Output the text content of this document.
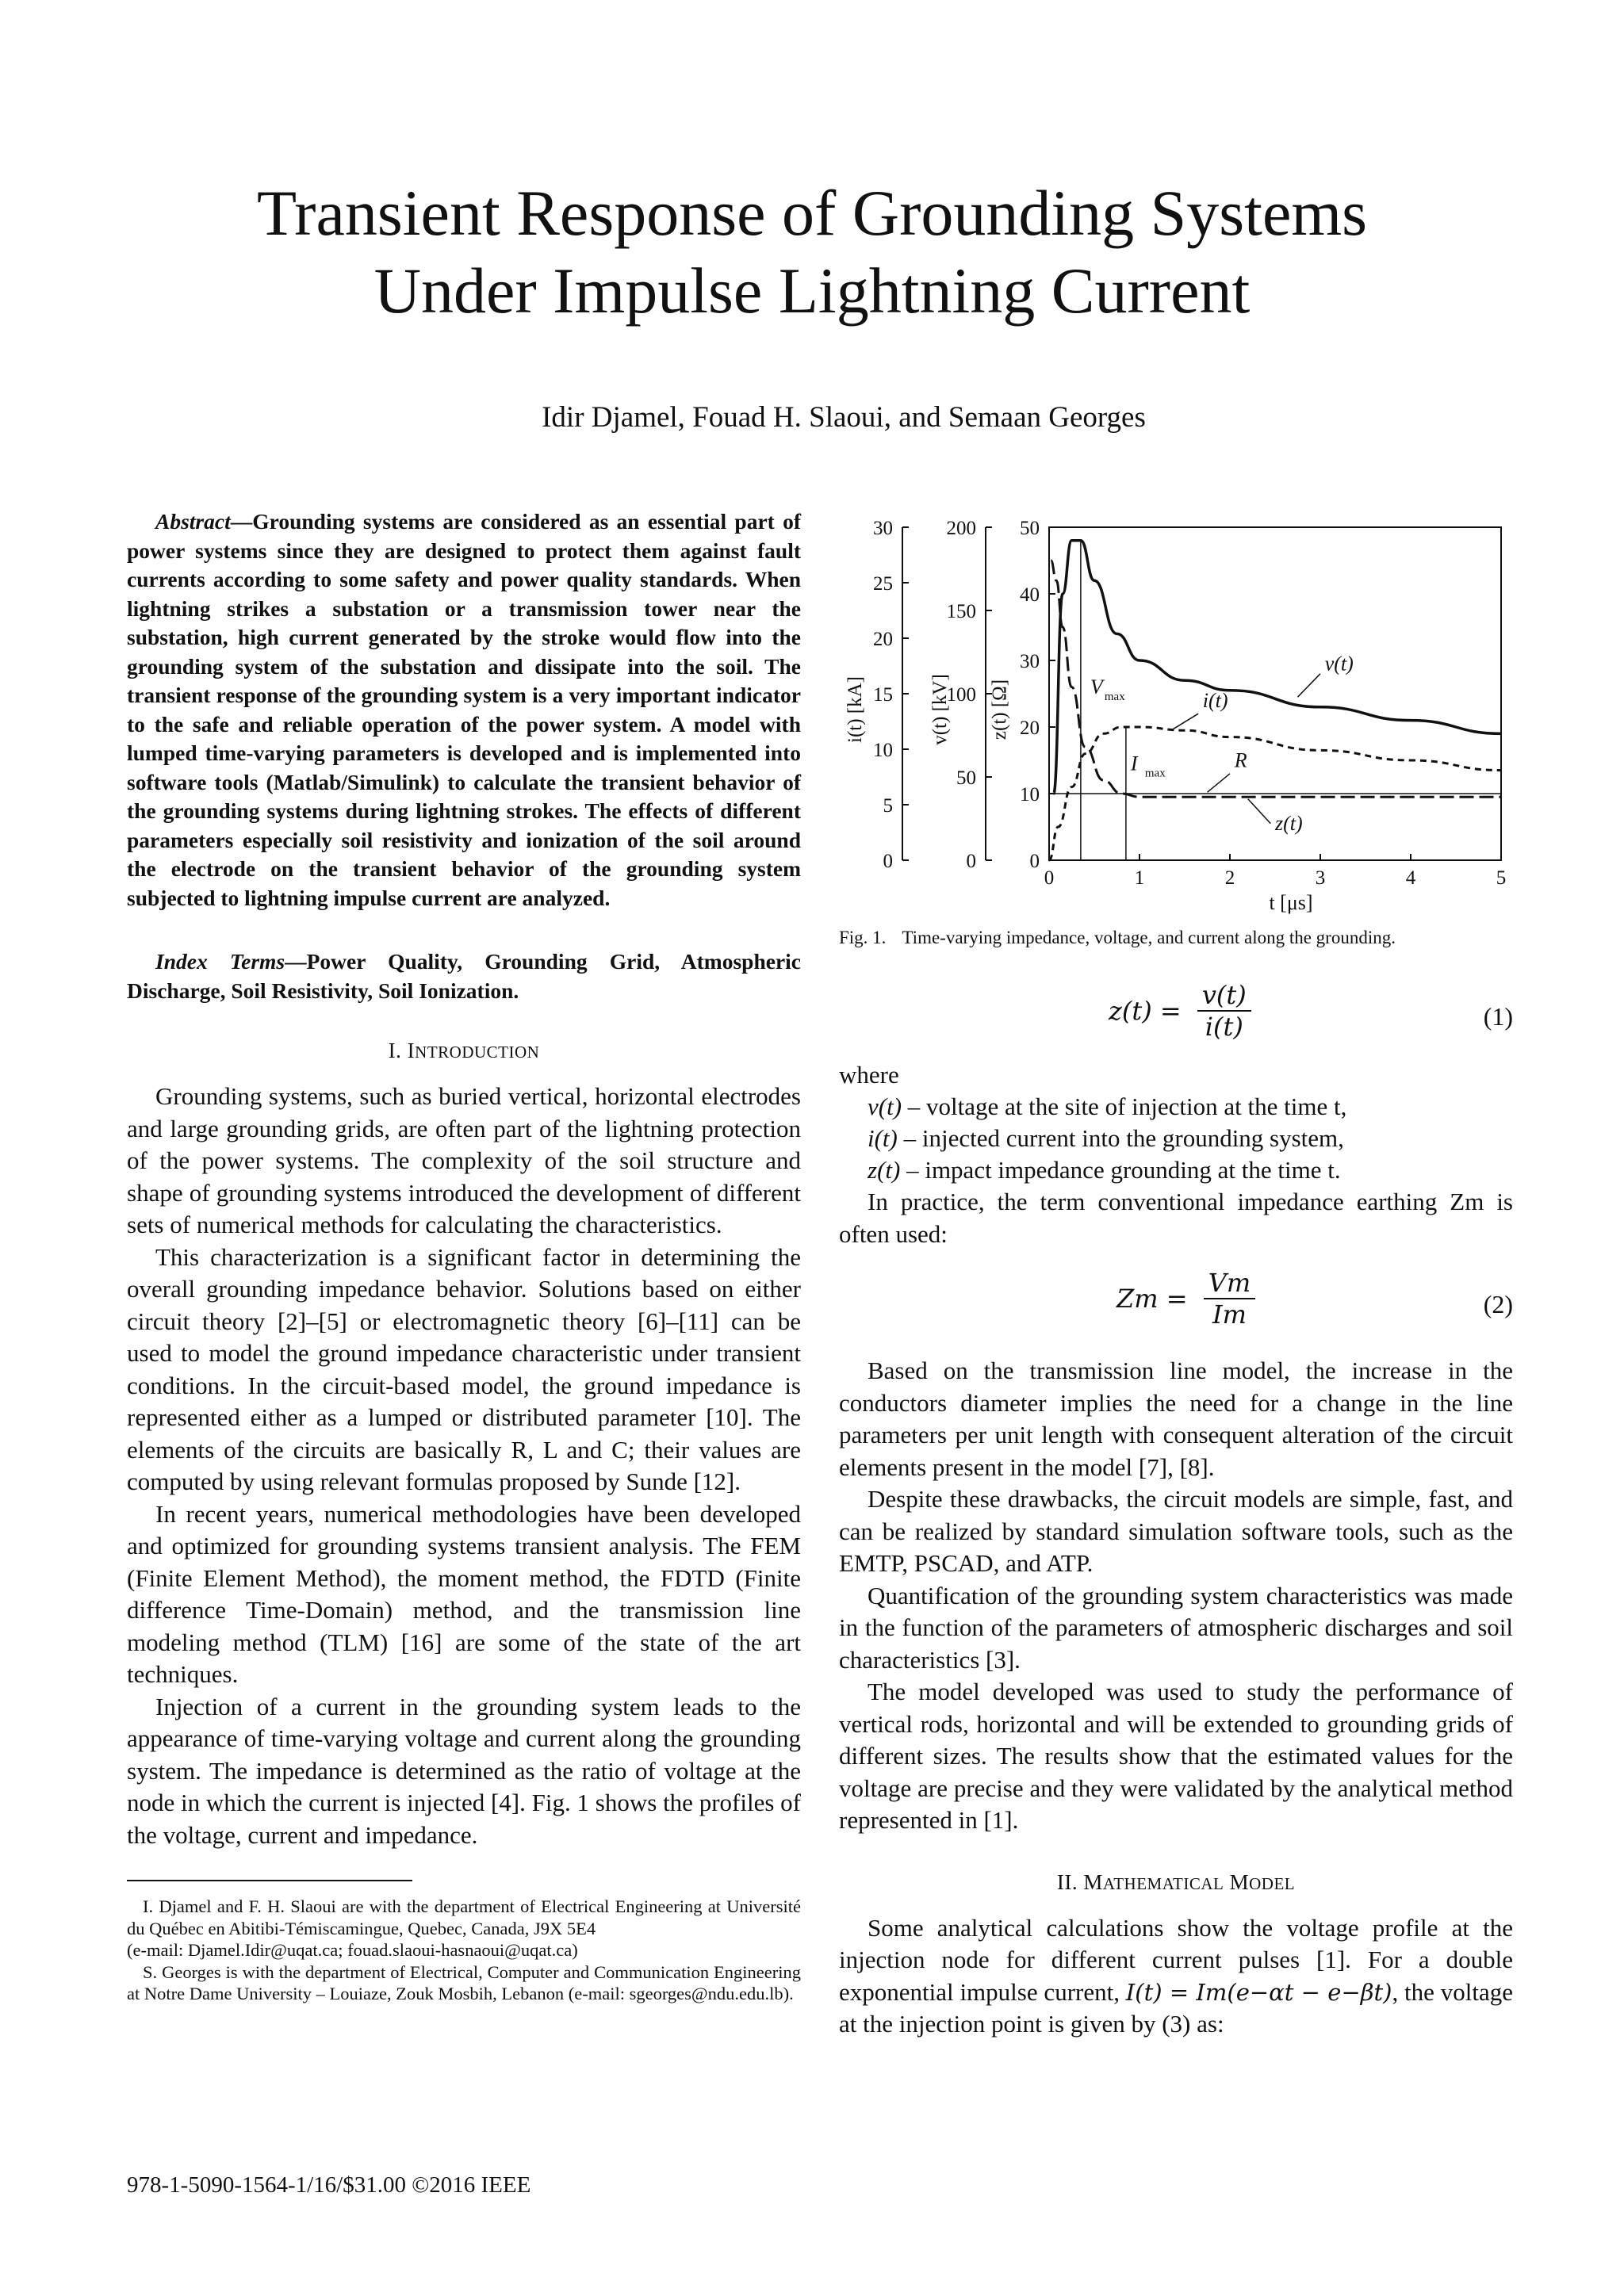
Transient Response of Grounding Systems
Under Impulse Lightning Current
Idir Djamel, Fouad H. Slaoui, and Semaan Georges

Abstract—Grounding systems are considered as an essential part of power systems since they are designed to protect them against fault currents according to some safety and power quality standards. When lightning strikes a substation or a transmission tower near the substation, high current generated by the stroke would flow into the grounding system of the substation and dissipate into the soil. The transient response of the grounding system is a very important indicator to the safe and reliable operation of the power system. A model with lumped time-varying parameters is developed and is implemented into software tools (Matlab/Simulink) to calculate the transient behavior of the grounding systems during lightning strokes. The effects of different parameters especially soil resistivity and ionization of the soil around the electrode on the transient behavior of the grounding system subjected to lightning impulse current are analyzed.

Index Terms—Power Quality, Grounding Grid, Atmospheric Discharge, Soil Resistivity, Soil Ionization.

I. INTRODUCTION

Grounding systems, such as buried vertical, horizontal electrodes and large grounding grids, are often part of the lightning protection of the power systems. The complexity of the soil structure and shape of grounding systems introduced the development of different sets of numerical methods for calculating the characteristics.

This characterization is a significant factor in determining the overall grounding impedance behavior. Solutions based on either circuit theory [2]–[5] or electromagnetic theory [6]–[11] can be used to model the ground impedance characteristic under transient conditions. In the circuit-based model, the ground impedance is represented either as a lumped or distributed parameter [10]. The elements of the circuits are basically R, L and C; their values are computed by using relevant formulas proposed by Sunde [12].

In recent years, numerical methodologies have been developed and optimized for grounding systems transient analysis. The FEM (Finite Element Method), the moment method, the FDTD (Finite difference Time-Domain) method, and the transmission line modeling method (TLM) [16] are some of the state of the art techniques.

Injection of a current in the grounding system leads to the appearance of time-varying voltage and current along the grounding system. The impedance is determined as the ratio of voltage at the node in which the current is injected [4]. Fig. 1 shows the profiles of the voltage, current and impedance.

I. Djamel and F. H. Slaoui are with the department of Electrical Engineering at Université du Québec en Abitibi-Témiscamingue, Quebec, Canada, J9X 5E4

(e-mail: Djamel.Idir@uqat.ca; fouad.slaoui-hasnaoui@uqat.ca)

S. Georges is with the department of Electrical, Computer and Communication Engineering at Notre Dame University – Louiaze, Zouk Mosbih, Lebanon (e-mail: sgeorges@ndu.edu.lb).

978-1-5090-1564-1/16/$31.00 ©2016 IEEE
0
5
10
15
20
25
30
i(t) [kA]
0
50
100
150
200
v(t) [kV]
0
10
20
30
40
50
z(t) [Ω]
0	1	2	3	4	5
t [μs]
V max
I max
R
v(t)
i(t)
z(t)
Fig. 1. Time-varying impedance, voltage, and current along the grounding.
$z(t) = \frac{v(t)}{i(t)}$	(1)

where

v(t) – voltage at the site of injection at the time t,
i(t) – injected current into the grounding system,
z(t) – impact impedance grounding at the time t.

In practice, the term conventional impedance earthing Zm is often used:

$Zm = \frac{Vm}{Im}$	(2)

Based on the transmission line model, the increase in the conductors diameter implies the need for a change in the line parameters per unit length with consequent alteration of the circuit elements present in the model [7], [8].

Despite these drawbacks, the circuit models are simple, fast, and can be realized by standard simulation software tools, such as the EMTP, PSCAD, and ATP.

Quantification of the grounding system characteristics was made in the function of the parameters of atmospheric discharges and soil characteristics [3].

The model developed was used to study the performance of vertical rods, horizontal and will be extended to grounding grids of different sizes. The results show that the estimated values for the voltage are precise and they were validated by the analytical method represented in [1].

II. MATHEMATICAL MODEL

Some analytical calculations show the voltage profile at the injection node for different current pulses [1]. For a double exponential impulse current, I(t) = Im(e−αt − e−βt), the voltage at the injection point is given by (3) as:
